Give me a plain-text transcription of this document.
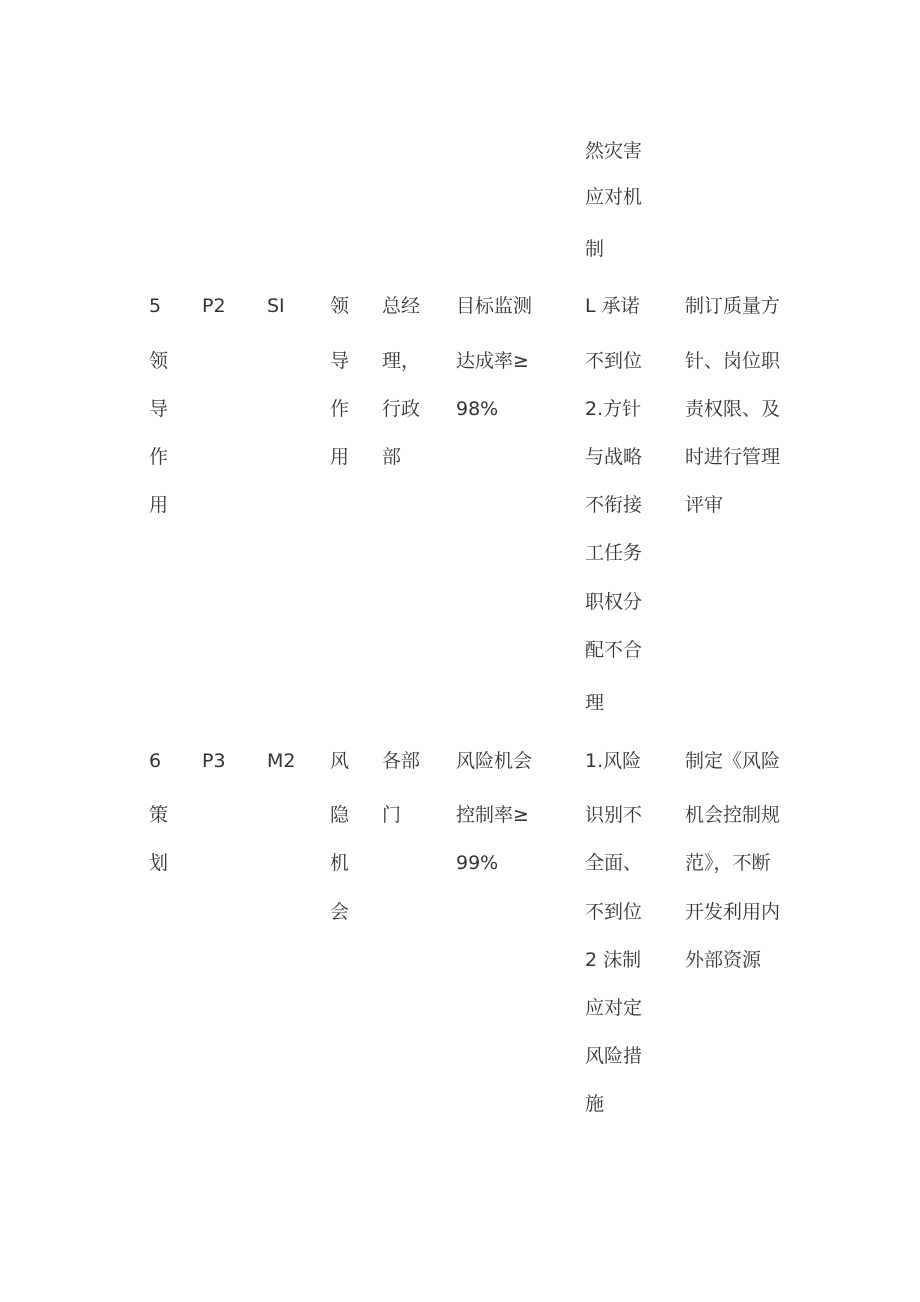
然灾害
应对机
制
5
领
导
作
用
P2 SI 领
导
作
用
总经
理，
行政
部
目标监测
达成率≥
98%
L 承诺
不到位
2.方针
与战略
不衔接
工任务
职权分
配不合
理
制订质量方
针、岗位职
责权限、及
时进行管理
评审
6
策
划
P3 M2 风
隐
机
会
各部
门
风险机会
控制率≥
99%
1.风险
识别不
全面、
不到位
2 沫制
应对定
风险措
施
制定《风险
机会控制规
范》，不断
开发利用内
外部资源
